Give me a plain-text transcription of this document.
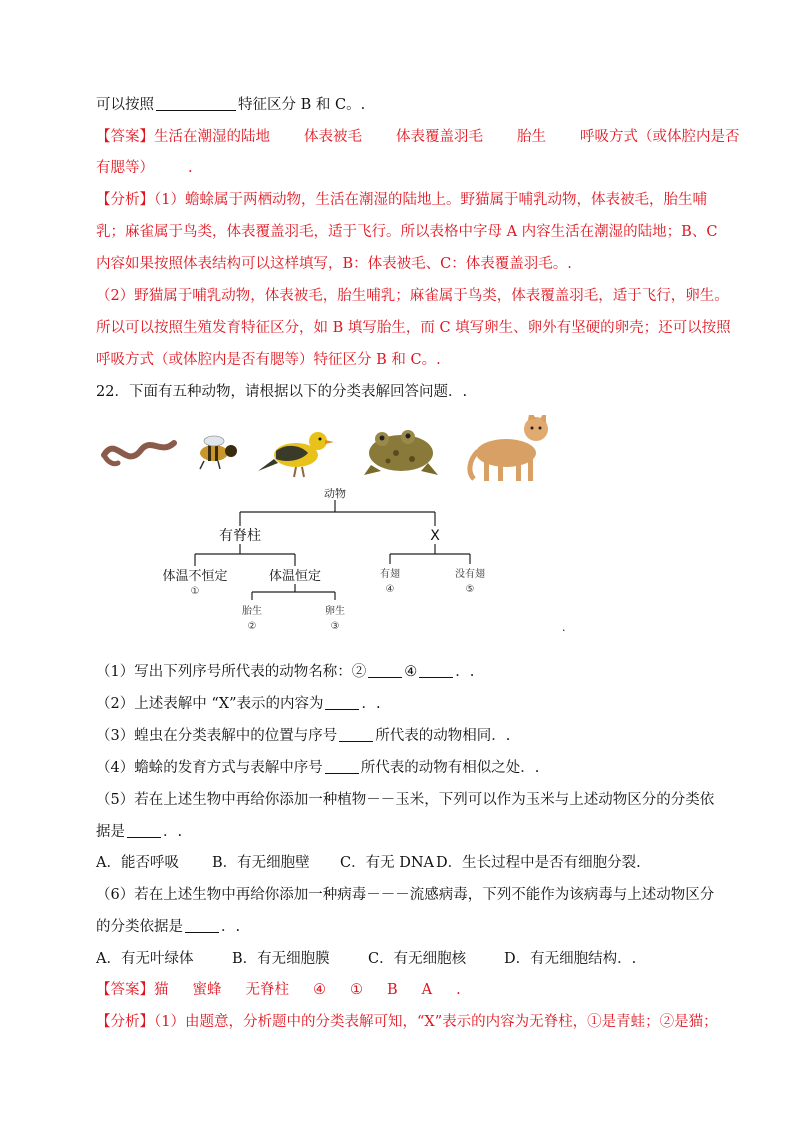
可以按照	特征区分 B 和 C。.
【答案】生活在潮湿的陆地 体表被毛 体表覆盖羽毛 胎生 呼吸方式（或体腔内是否
有腮等） .
【分析】（1）蟾蜍属于两栖动物，生活在潮湿的陆地上。野猫属于哺乳动物，体表被毛，胎生哺
乳；麻雀属于鸟类，体表覆盖羽毛，适于飞行。所以表格中字母 A 内容生活在潮湿的陆地；B、C
内容如果按照体表结构可以这样填写，B：体表被毛、C：体表覆盖羽毛。.
（2）野猫属于哺乳动物，体表被毛，胎生哺乳；麻雀属于鸟类，体表覆盖羽毛，适于飞行，卵生。
所以可以按照生殖发育特征区分，如 B 填写胎生，而 C 填写卵生、卵外有坚硬的卵壳；还可以按照
呼吸方式（或体腔内是否有腮等）特征区分 B 和 C。.
22．下面有五种动物，请根据以下的分类表解回答问题．.
动物
有脊柱	X
体温不恒定	体温恒定
①
有翅	没有翅
④	⑤
胎生	卵生
②	③	.
（1）写出下列序号所代表的动物名称：②	④	．.
（2）上述表解中 “X”表示的内容为	．.
（3）蝗虫在分类表解中的位置与序号	所代表的动物相同．.
（4）蟾蜍的发育方式与表解中序号	所代表的动物有相似之处．.
（5）若在上述生物中再给你添加一种植物－－玉米，下列可以作为玉米与上述动物区分的分类依
据是	．.
A．能否呼吸 B．有无细胞壁 C．有无 DNA D．生长过程中是否有细胞分裂.
（6）若在上述生物中再给你添加一种病毒－－－流感病毒，下列不能作为该病毒与上述动物区分
的分类依据是	．.
A．有无叶绿体	B．有无细胞膜	C．有无细胞核	D．有无细胞结构．.
【答案】猫 蜜蜂 无脊柱 ④ ① B A .
【分析】（1）由题意，分析题中的分类表解可知，“X”表示的内容为无脊柱，①是青蛙；②是猫；
